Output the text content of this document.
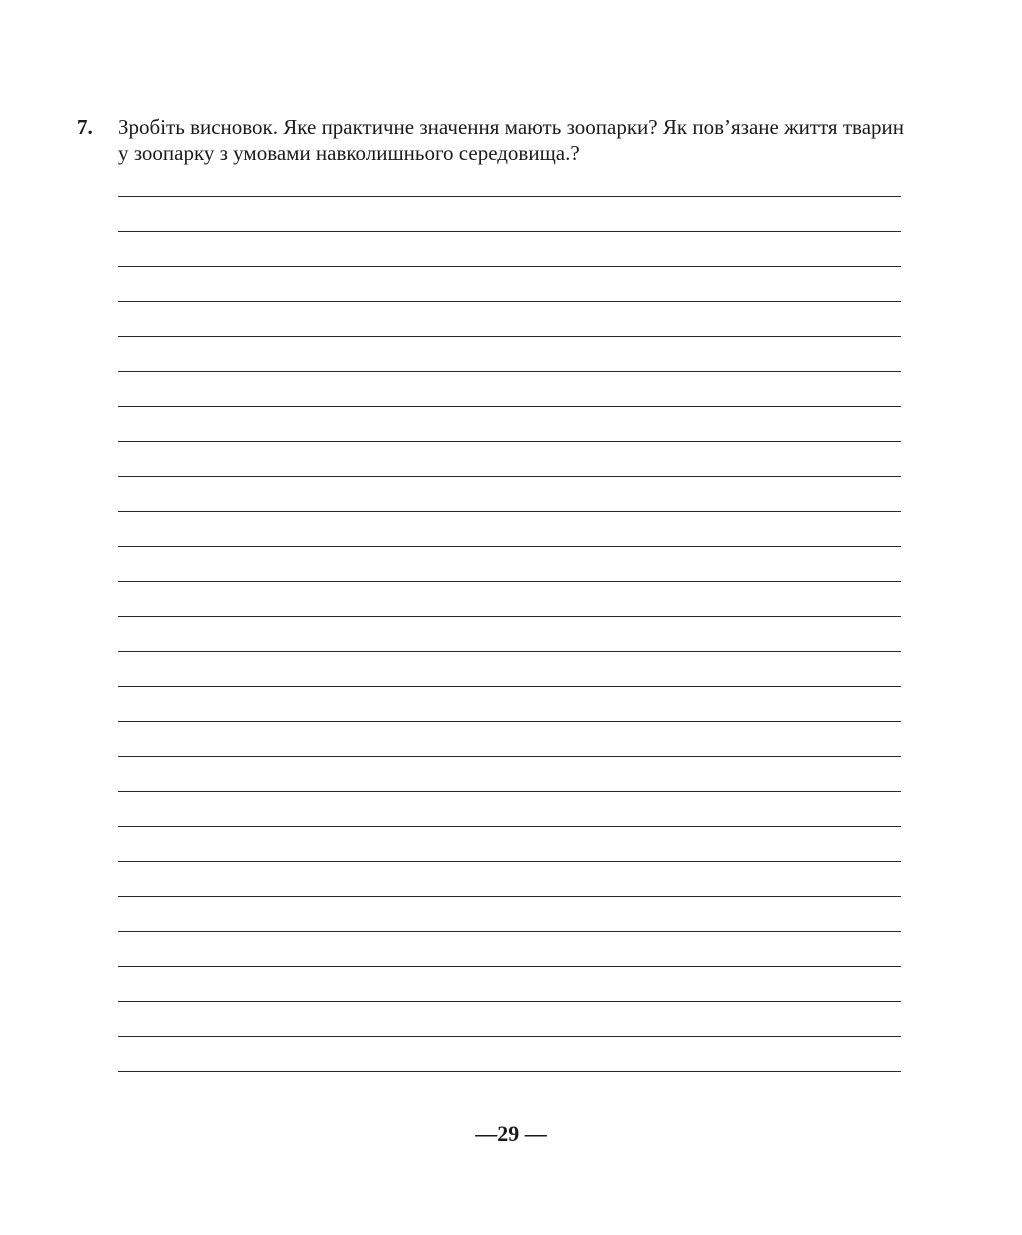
7. Зробіть висновок. Яке практичне значення мають зоопарки? Як пов’язане життя тварин у зоопарку з умовами навколишнього середовища.?
—29 —
